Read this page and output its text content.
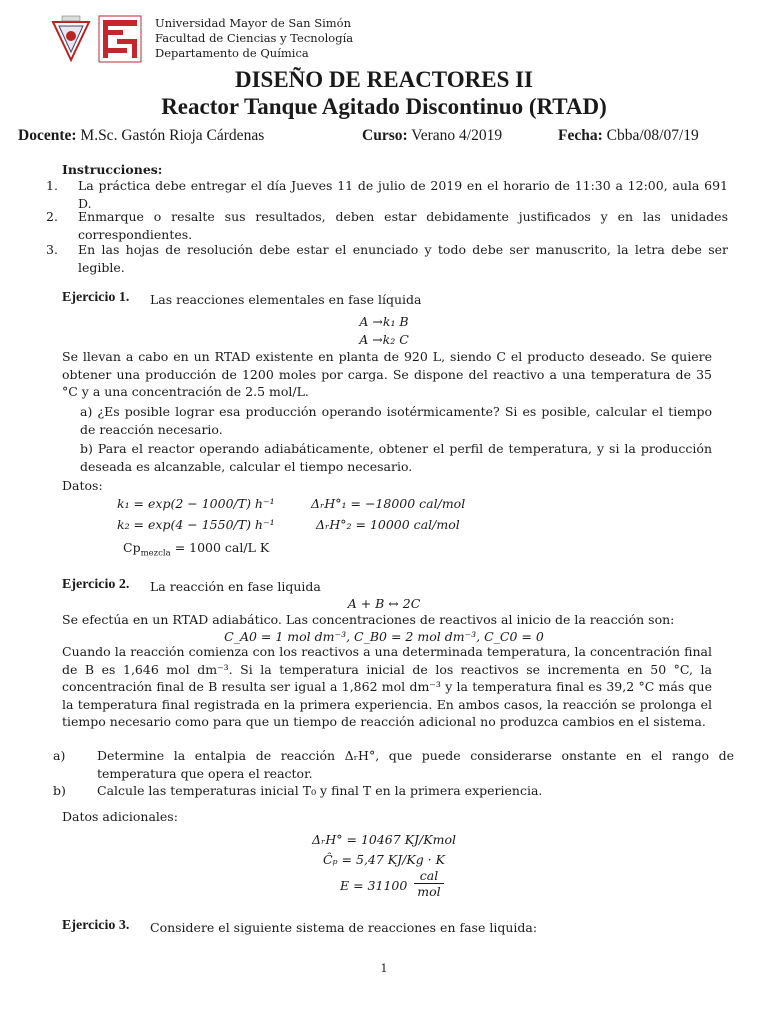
Universidad Mayor de San Simón
Facultad de Ciencias y Tecnología
Departamento de Química
DISEÑO DE REACTORES II
Reactor Tanque Agitado Discontinuo (RTAD)
Docente: M.Sc. Gastón Rioja Cárdenas	Curso: Verano 4/2019	Fecha: Cbba/08/07/19
Instrucciones:
1. La práctica debe entregar el día Jueves 11 de julio de 2019 en el horario de 11:30 a 12:00, aula 691 D.
2. Enmarque o resalte sus resultados, deben estar debidamente justificados y en las unidades correspondientes.
3. En las hojas de resolución debe estar el enunciado y todo debe ser manuscrito, la letra debe ser legible.
Ejercicio 1. Las reacciones elementales en fase líquida
A →k₁ B
A →k₂ C
Se llevan a cabo en un RTAD existente en planta de 920 L, siendo C el producto deseado. Se quiere obtener una producción de 1200 moles por carga. Se dispone del reactivo a una temperatura de 35 °C y a una concentración de 2.5 mol/L.
a) ¿Es posible lograr esa producción operando isotérmicamente? Si es posible, calcular el tiempo de reacción necesario.
b) Para el reactor operando adiabáticamente, obtener el perfil de temperatura, y si la producción deseada es alcanzable, calcular el tiempo necesario.
Datos:
k₁ = exp(2 − 1000/T) h⁻¹	ΔᵣH°₁ = −18000 cal/mol
k₂ = exp(4 − 1550/T) h⁻¹	ΔᵣH°₂ = 10000 cal/mol
$Cp_{mezcla} = 1000$ cal/L K
Ejercicio 2. La reacción en fase liquida
A + B ↔ 2C
Se efectúa en un RTAD adiabático. Las concentraciones de reactivos al inicio de la reacción son:
C_A0 = 1 mol dm⁻³, C_B0 = 2 mol dm⁻³, C_C0 = 0
Cuando la reacción comienza con los reactivos a una determinada temperatura, la concentración final de B es 1,646 mol dm⁻³. Si la temperatura inicial de los reactivos se incrementa en 50 °C, la concentración final de B resulta ser igual a 1,862 mol dm⁻³ y la temperatura final es 39,2 °C más que la temperatura final registrada en la primera experiencia. En ambos casos, la reacción se prolonga el tiempo necesario como para que un tiempo de reacción adicional no produzca cambios en el sistema.
a)	Determine la entalpia de reacción ΔᵣH°, que puede considerarse onstante en el rango de temperatura que opera el reactor.
b) Calcule las temperaturas inicial T₀ y final T en la primera experiencia.
Datos adicionales:
ΔᵣH° = 10467 KJ/Kmol
Ĉₚ = 5,47 KJ/Kg · K
E = 31100
cal
mol
Ejercicio 3. Considere el siguiente sistema de reacciones en fase liquida:
1
